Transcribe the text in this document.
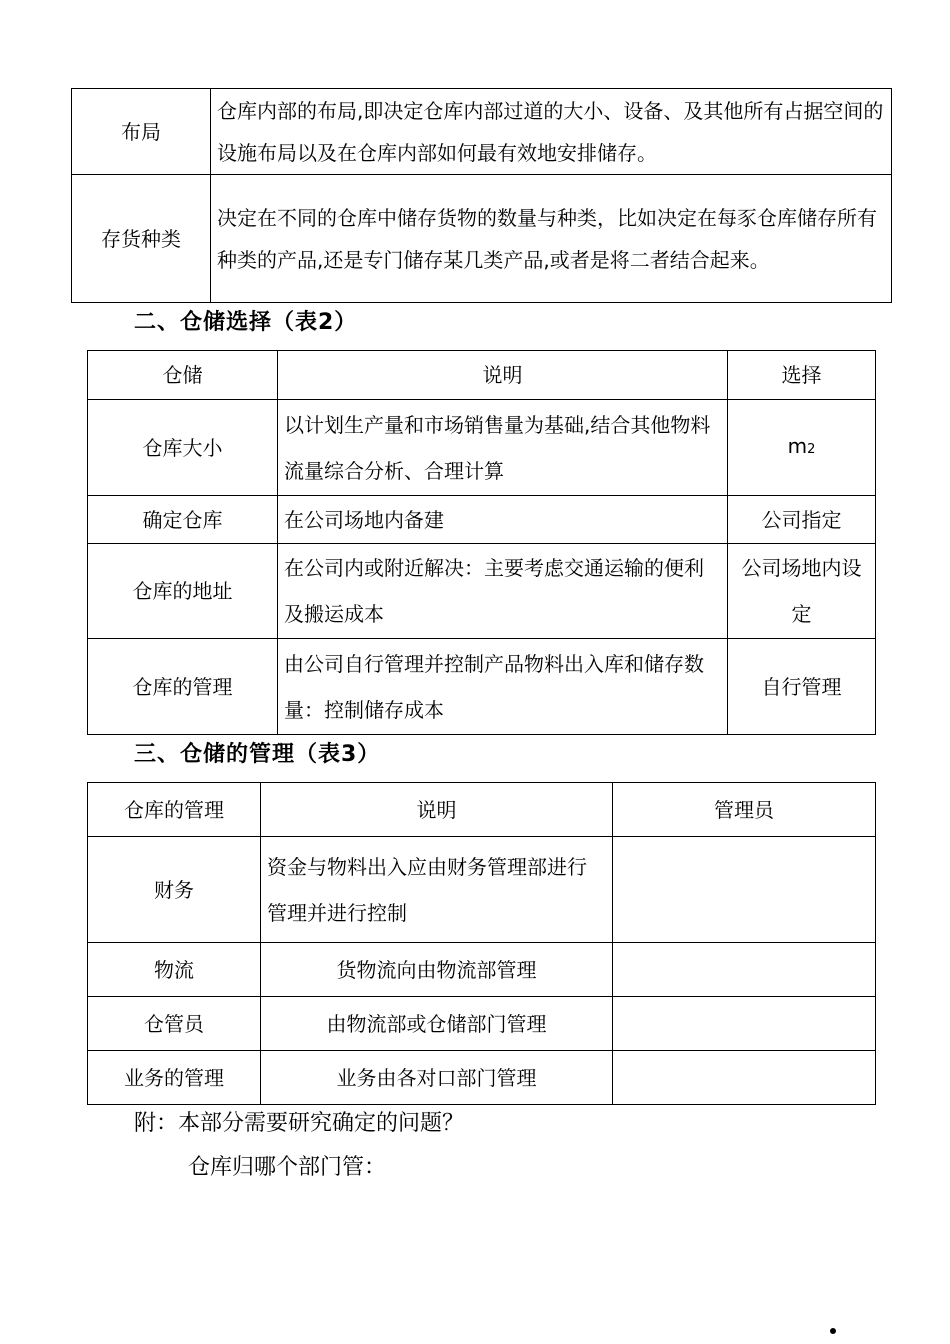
布局	仓库内部的布局,即决定仓库内部过道的大小、设备、及其他所有占据空间的设施布局以及在仓库内部如何最有效地安排储存。
存货种类	决定在不同的仓库中储存货物的数量与种类，比如决定在每豕仓库储存所有种类的产品,还是专门储存某几类产品,或者是将二者结合起来。
二、仓储选择（表2）
仓储	说明	选择
仓库大小	以计划生产量和市场销售量为基础,结合其他物料流量综合分析、合理计算	m2
确定仓库	在公司场地内备建	公司指定
仓库的地址	在公司内或附近解决：主要考虑交通运输的便利及搬运成本	公司场地内设定
仓库的管理	由公司自行管理并控制产品物料出入库和储存数量：控制储存成本	自行管理
三、仓储的管理（表3）
仓库的管理	说明	管理员
财务	资金与物料出入应由财务管理部进行管理并进行控制	
物流	货物流向由物流部管理	
仓管员	由物流部或仓储部门管理	
业务的管理	业务由各对口部门管理	
附：本部分需要研究确定的问题？
仓库归哪个部门管：
